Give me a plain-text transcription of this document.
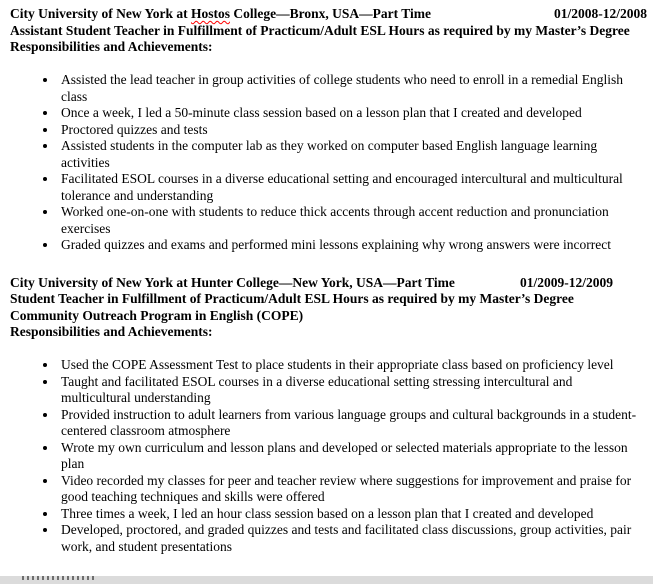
City University of New York at Hostos College—Bronx, USA—Part Time	01/2008-12/2008
Assistant Student Teacher in Fulfillment of Practicum/Adult ESL Hours as required by my Master’s Degree
Responsibilities and Achievements:
• Assisted the lead teacher in group activities of college students who need to enroll in a remedial English class
• Once a week, I led a 50-minute class session based on a lesson plan that I created and developed
• Proctored quizzes and tests
• Assisted students in the computer lab as they worked on computer based English language learning activities
• Facilitated ESOL courses in a diverse educational setting and encouraged intercultural and multicultural tolerance and understanding
• Worked one-on-one with students to reduce thick accents through accent reduction and pronunciation exercises
• Graded quizzes and exams and performed mini lessons explaining why wrong answers were incorrect
City University of New York at Hunter College—New York, USA—Part Time	01/2009-12/2009
Student Teacher in Fulfillment of Practicum/Adult ESL Hours as required by my Master’s Degree
Community Outreach Program in English (COPE)
Responsibilities and Achievements:
• Used the COPE Assessment Test to place students in their appropriate class based on proficiency level
• Taught and facilitated ESOL courses in a diverse educational setting stressing intercultural and multicultural understanding
• Provided instruction to adult learners from various language groups and cultural backgrounds in a student-centered classroom atmosphere
• Wrote my own curriculum and lesson plans and developed or selected materials appropriate to the lesson plan
• Video recorded my classes for peer and teacher review where suggestions for improvement and praise for good teaching techniques and skills were offered
• Three times a week, I led an hour class session based on a lesson plan that I created and developed
• Developed, proctored, and graded quizzes and tests and facilitated class discussions, group activities, pair work, and student presentations
